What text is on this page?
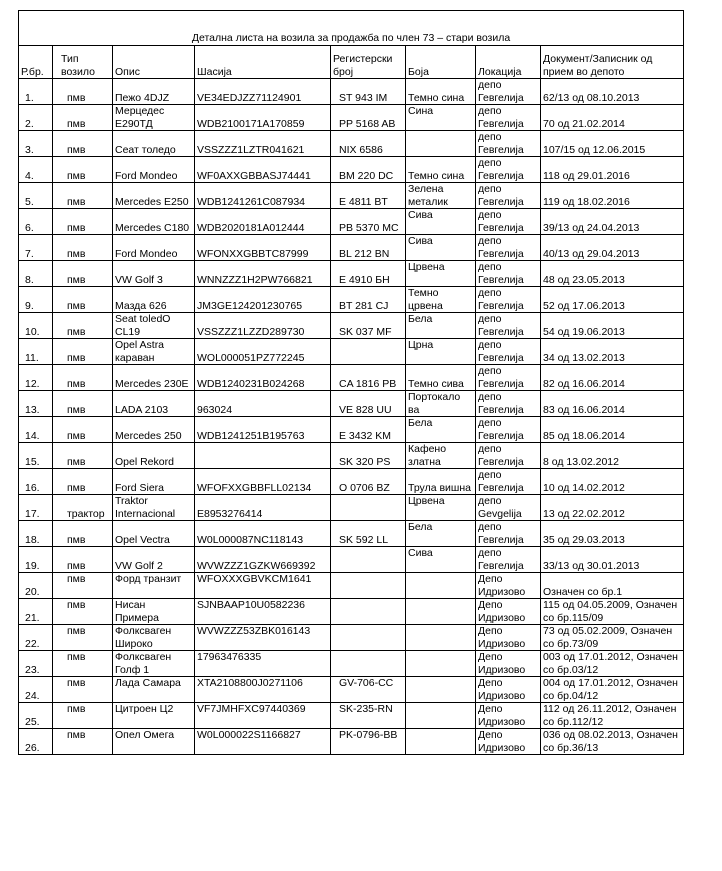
Детална листа на возила за продажба по член 73 – стари возила							
Р.бр.	Тип возило	Опис	Шасија	Регистерски број	Боја	Локација	Документ/Записник од прием во депото
1.	пмв	Пежо 4DJZ	VE34EDJZZ71124901	ST 943 IM	Темно сина	депо Гевгелија	62/13 од 08.10.2013
2.	пмв	Мерцедес E290ТД	WDB2100171A170859	PP 5168 AB	Сина	депо Гевгелија	70 од 21.02.2014
3.	пмв	Сеат толедо	VSSZZZ1LZTR041621	NIX 6586		депо Гевгелија	107/15 од 12.06.2015
4.	пмв	Ford Mondeo	WF0AXXGBBASJ74441	BM 220 DC	Темно сина	депо Гевгелија	118 од 29.01.2016
5.	пмв	Mercedes E250	WDB1241261C087934	E 4811 BT	Зелена металик	депо Гевгелија	119 од 18.02.2016
6.	пмв	Mercedes C180	WDB2020181A012444	PB 5370 MC	Сива	депо Гевгелија	39/13 од 24.04.2013
7.	пмв	Ford Mondeo	WFONXXGBBTC87999	BL 212 BN	Сива	депо Гевгелија	40/13 од 29.04.2013
8.	пмв	VW Golf 3	WNNZZZ1H2PW766821	E 4910 БН	Црвена	депо Гевгелија	48 од 23.05.2013
9.	пмв	Мазда 626	JM3GE124201230765	BT 281 CJ	Темно црвена	депо Гевгелија	52 од 17.06.2013
10.	пмв	Seat toledO CL19	VSSZZZ1LZZD289730	SK 037 MF	Бела	депо Гевгелија	54 од 19.06.2013
11.	пмв	Opel Astra караван	WOL000051PZ772245		Црна	депо Гевгелија	34 од 13.02.2013
12.	пмв	Mercedes 230E	WDB1240231B024268	CA 1816 PB	Темно сива	депо Гевгелија	82 од 16.06.2014
13.	пмв	LADA 2103	963024	VE 828 UU	Портокало ва	депо Гевгелија	83 од 16.06.2014
14.	пмв	Mercedes 250	WDB1241251B195763	E 3432 KM	Бела	депо Гевгелија	85 од 18.06.2014
15.	пмв	Opel Rekord		SK 320 PS	Кафено златна	депо Гевгелија	8 од 13.02.2012
16.	пмв	Ford Siera	WFOFXXGBBFLL02134	O 0706 BZ	Трула вишна	депо Гевгелија	10 од 14.02.2012
17.	трактор	Traktor Internacional	E8953276414		Црвена	депо Gevgelija	13 од 22.02.2012
18.	пмв	Opel Vectra	W0L000087NC118143	SK 592 LL	Бела	депо Гевгелија	35 од 29.03.2013
19.	пмв	VW Golf 2	WVWZZZ1GZKW669392		Сива	депо Гевгелија	33/13 од 30.01.2013
20.	пмв	Форд транзит	WFOXXXGBVKCM1641			Депо Идризово	Означен со бр.1
21.	пмв	Нисан Примера	SJNBAAP10U0582236			Депо Идризово	115 од 04.05.2009, Означен со бр.115/09
22.	пмв	Фолксваген Широко	WVWZZZ53ZBK016143			Депо Идризово	73 од 05.02.2009, Означен со бр.73/09
23.	пмв	Фолксваген Голф 1	17963476335			Депо Идризово	003 од 17.01.2012, Означен со бр.03/12
24.	пмв	Лада Самара	XTA2108800J0271106	GV-706-CC		Депо Идризово	004 од 17.01.2012, Означен со бр.04/12
25.	пмв	Цитроен Ц2	VF7JMHFXC97440369	SK-235-RN		Депо Идризово	112 од 26.11.2012, Означен со бр.112/12
26.	пмв	Опел Омега	W0L000022S1166827	PK-0796-BB		Депо Идризово	036 од 08.02.2013, Означен со бр.36/13
